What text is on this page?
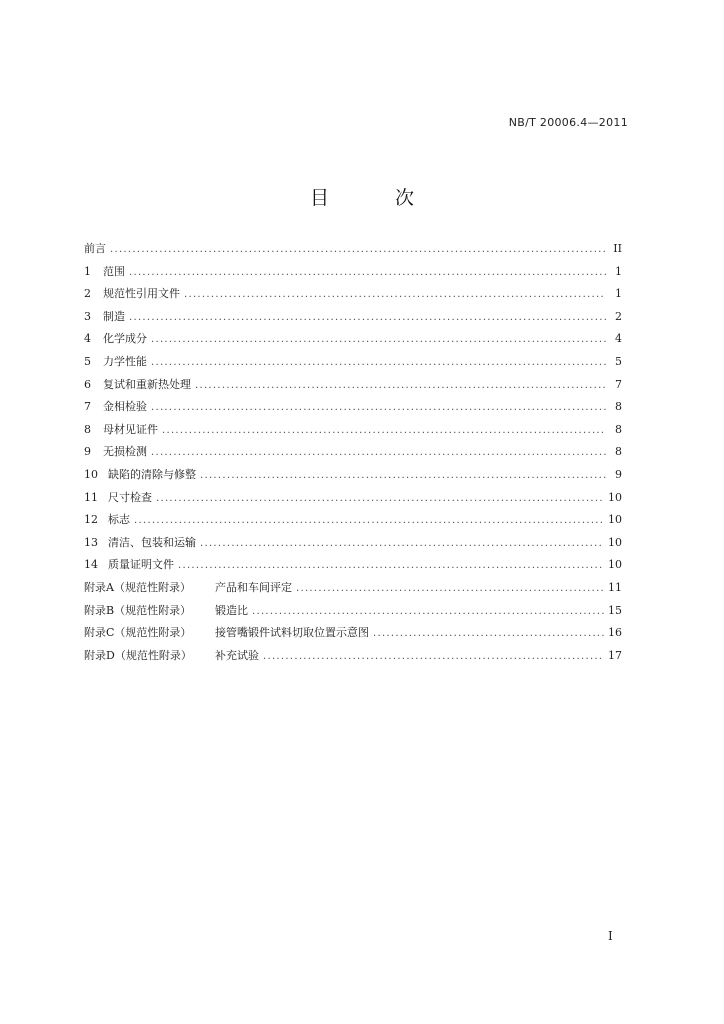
NB/T 20006.4—2011
目 次
前言 .....	II
1	范围 .....	1
2	规范性引用文件 .....	1
3	制造 .....	2
4	化学成分 .....	4
5	力学性能 .....	5
6	复试和重新热处理 .....	7
7	金相检验 .....	8
8	母材见证件 .....	8
9	无损检测 .....	8
10 缺陷的清除与修整 .....	9
11 尺寸检查 .....	10
12 标志 .....	10
13 清洁、包装和运输 .....	10
14 质量证明文件 .....	10
附录A（规范性附录）	产品和车间评定 .....	11
附录B（规范性附录）	锻造比 .....	15
附录C（规范性附录）	接管嘴锻件试料切取位置示意图 .....	16
附录D（规范性附录）	补充试验 .....	17
I
